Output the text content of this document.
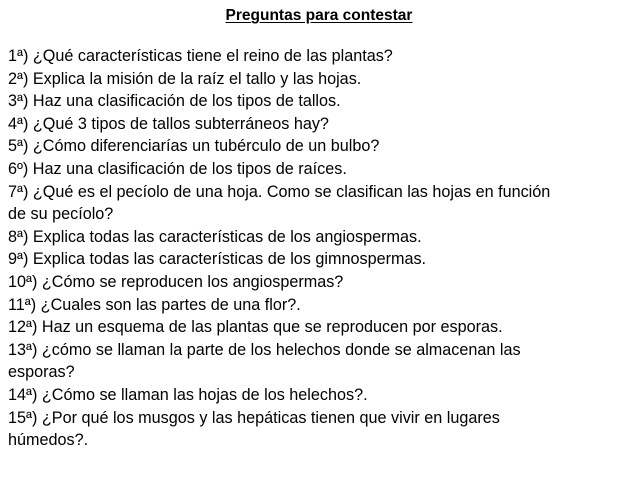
Preguntas para contestar
1ª) ¿Qué características tiene el reino de las plantas?
2ª) Explica la misión de la raíz el tallo y las hojas.
3ª) Haz una clasificación de los tipos de tallos.
4ª) ¿Qué 3 tipos de tallos subterráneos hay?
5ª) ¿Cómo diferenciarías un tubérculo de un bulbo?
6º) Haz una clasificación de los tipos de raíces.
7ª) ¿Qué es el pecíolo de una hoja. Como se clasifican las hojas en función
de su pecíolo?
8ª) Explica todas las características de los angiospermas.
9ª) Explica todas las características de los gimnospermas.
10ª) ¿Cómo se reproducen los angiospermas?
11ª) ¿Cuales son las partes de una flor?.
12ª) Haz un esquema de las plantas que se reproducen por esporas.
13ª) ¿cómo se llaman la parte de los helechos donde se almacenan las
esporas?
14ª) ¿Cómo se llaman las hojas de los helechos?.
15ª) ¿Por qué los musgos y las hepáticas tienen que vivir en lugares
húmedos?.
